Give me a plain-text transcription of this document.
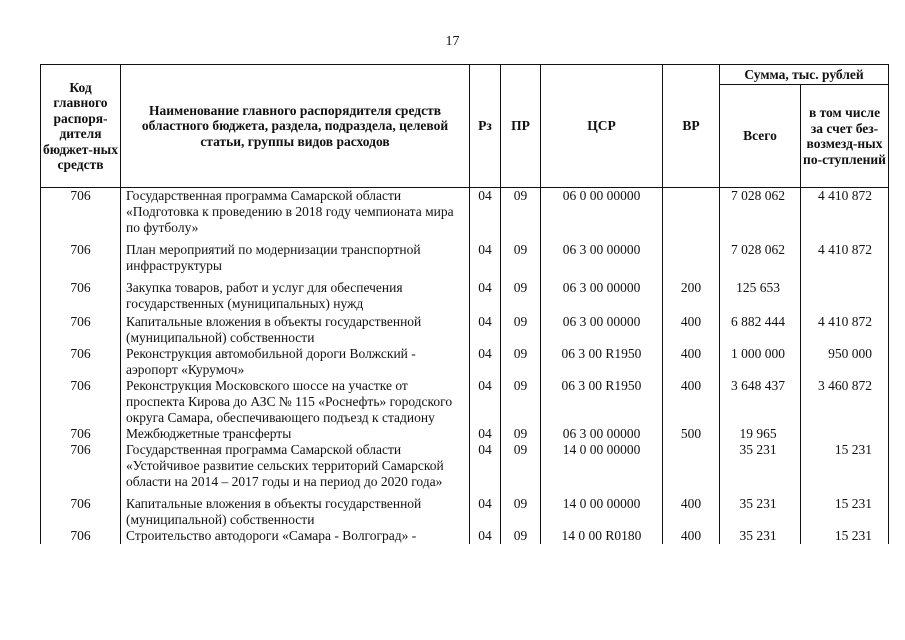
17
Код главного распоря-дителя бюджет-ных средств	Наименование главного распорядителя средств областного бюджета, раздела, подраздела, целевой статьи, группы видов расходов	Рз	ПР	ЦСР	ВР	Сумма, тыс. рублей	
						Всего	в том числе за счет без-возмезд-ных по-ступлений
706	Государственная программа Самарской области «Подготовка к проведению в 2018 году чемпионата мира по футболу»	04	09	06 0 00 00000		7 028 062	4 410 872
706	План мероприятий по модернизации транспортной инфраструктуры	04	09	06 3 00 00000		7 028 062	4 410 872
706	Закупка товаров, работ и услуг для обеспечения государственных (муниципальных) нужд	04	09	06 3 00 00000	200	125 653	
706	Капитальные вложения в объекты государственной (муниципальной) собственности	04	09	06 3 00 00000	400	6 882 444	4 410 872
706	Реконструкция автомобильной дороги Волжский - аэропорт «Курумоч»	04	09	06 3 00 R1950	400	1 000 000	950 000
706	Реконструкция Московского шоссе на участке от проспекта Кирова до АЗС № 115 «Роснефть» городского округа Самара, обеспечивающего подъезд к стадиону	04	09	06 3 00 R1950	400	3 648 437	3 460 872
706	Межбюджетные трансферты	04	09	06 3 00 00000	500	19 965	
706	Государственная программа Самарской области «Устойчивое развитие сельских территорий Самарской области на 2014 – 2017 годы и на период до 2020 года»	04	09	14 0 00 00000		35 231	15 231
706	Капитальные вложения в объекты государственной (муниципальной) собственности	04	09	14 0 00 00000	400	35 231	15 231
706	Строительство автодороги «Самара - Волгоград» -	04	09	14 0 00 R0180	400	35 231	15 231
